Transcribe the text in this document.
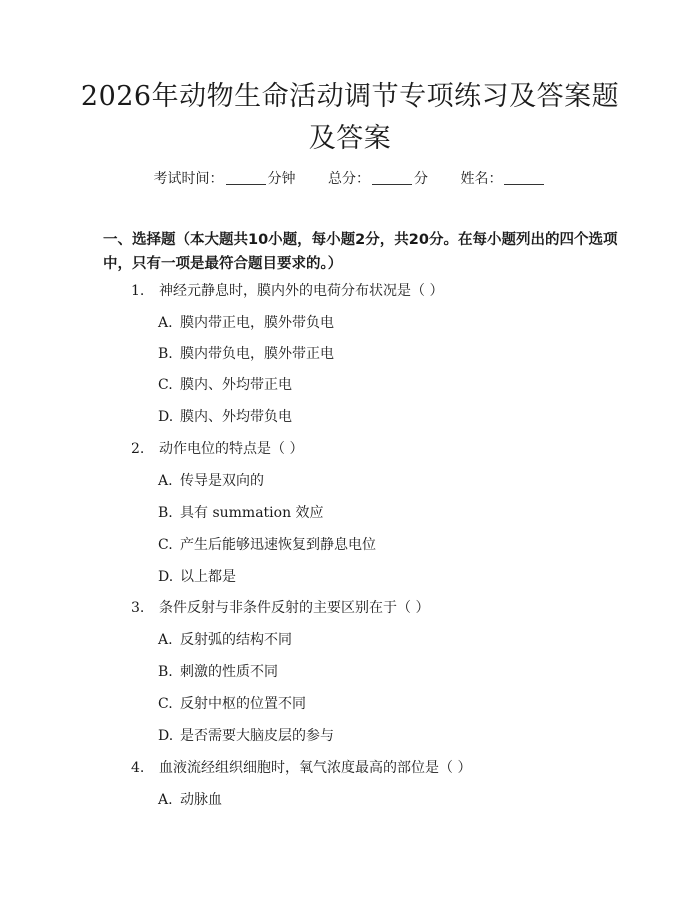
2026年动物生命活动调节专项练习及答案题
及答案
考试时间：	分钟 总分：	分 姓名：
一、选择题（本大题共10小题，每小题2分，共20分。在每小题列出的四个选项中，只有一项是最符合题目要求的。）
1. 神经元静息时，膜内外的电荷分布状况是（ ）
A. 膜内带正电，膜外带负电
B. 膜内带负电，膜外带正电
C. 膜内、外均带正电
D. 膜内、外均带负电
2. 动作电位的特点是（ ）
A. 传导是双向的
B. 具有 summation 效应
C. 产生后能够迅速恢复到静息电位
D. 以上都是
3. 条件反射与非条件反射的主要区别在于（ ）
A. 反射弧的结构不同
B. 刺激的性质不同
C. 反射中枢的位置不同
D. 是否需要大脑皮层的参与
4. 血液流经组织细胞时，氧气浓度最高的部位是（ ）
A. 动脉血
